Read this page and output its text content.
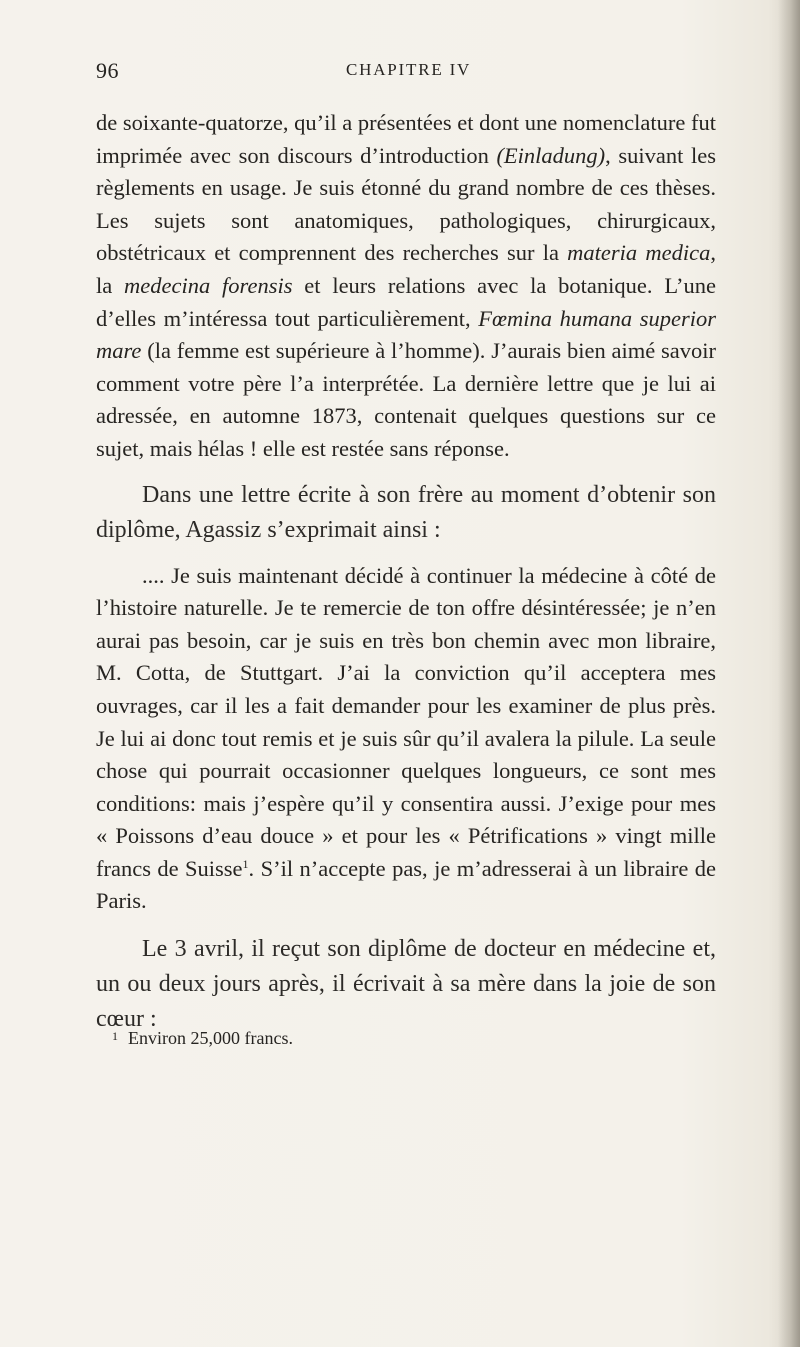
96	CHAPITRE IV

de soixante-quatorze, qu’il a présentées et dont une nomenclature fut imprimée avec son discours d’introduction (Einladung), suivant les règlements en usage. Je suis étonné du grand nombre de ces thèses. Les sujets sont anatomiques, pathologiques, chirurgicaux, obstétricaux et comprennent des recherches sur la materia medica, la medecina forensis et leurs relations avec la botanique. L’une d’elles m’intéressa tout particulièrement, Fœmina humana superior mare (la femme est supérieure à l’homme). J’aurais bien aimé savoir comment votre père l’a interprétée. La dernière lettre que je lui ai adressée, en automne 1873, contenait quelques questions sur ce sujet, mais hélas ! elle est restée sans réponse.

Dans une lettre écrite à son frère au moment d’obtenir son diplôme, Agassiz s’exprimait ainsi :

.... Je suis maintenant décidé à continuer la médecine à côté de l’histoire naturelle. Je te remercie de ton offre désintéressée; je n’en aurai pas besoin, car je suis en très bon chemin avec mon libraire, M. Cotta, de Stuttgart. J’ai la conviction qu’il acceptera mes ouvrages, car il les a fait demander pour les examiner de plus près. Je lui ai donc tout remis et je suis sûr qu’il avalera la pilule. La seule chose qui pourrait occasionner quelques longueurs, ce sont mes conditions: mais j’espère qu’il y consentira aussi. J’exige pour mes « Poissons d’eau douce » et pour les « Pétrifications » vingt mille francs de Suisse$^1$. S’il n’accepte pas, je m’adresserai à un libraire de Paris.

Le 3 avril, il reçut son diplôme de docteur en médecine et, un ou deux jours après, il écrivait à sa mère dans la joie de son cœur :

$^1$ Environ 25,000 francs.
